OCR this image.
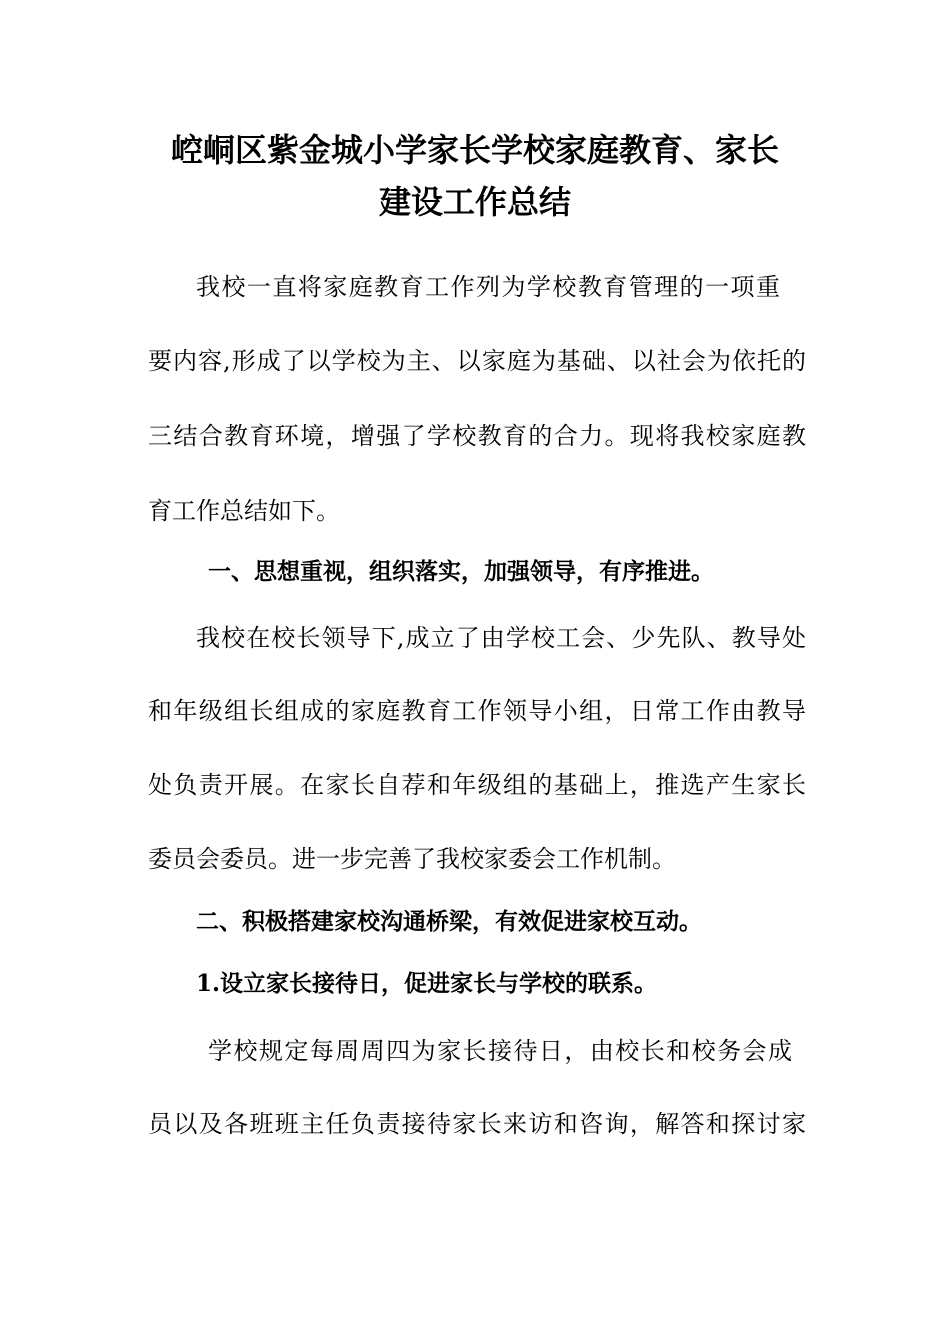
崆峒区紫金城小学家长学校家庭教育、家长
建设工作总结
我校一直将家庭教育工作列为学校教育管理的一项重
要内容,形成了以学校为主、以家庭为基础、以社会为依托的
三结合教育环境，增强了学校教育的合力。现将我校家庭教
育工作总结如下。
一、思想重视，组织落实，加强领导，有序推进。
我校在校长领导下,成立了由学校工会、少先队、教导处
和年级组长组成的家庭教育工作领导小组，日常工作由教导
处负责开展。在家长自荐和年级组的基础上，推选产生家长
委员会委员。进一步完善了我校家委会工作机制。
二、积极搭建家校沟通桥梁，有效促进家校互动。
1.设立家长接待日，促进家长与学校的联系。
学校规定每周周四为家长接待日，由校长和校务会成
员以及各班班主任负责接待家长来访和咨询，解答和探讨家
